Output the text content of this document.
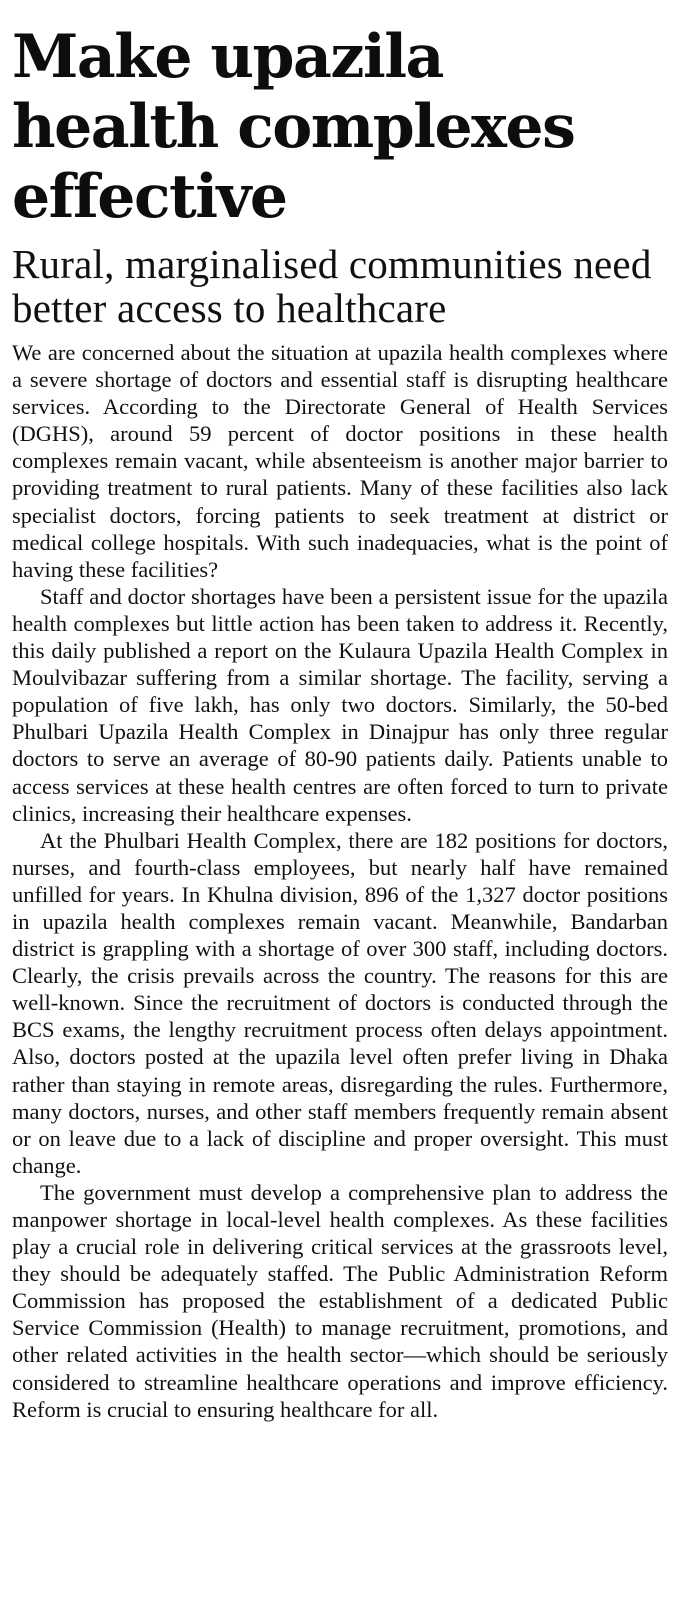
Make upazila health complexes effective
Rural, marginalised communities need better access to healthcare

We are concerned about the situation at upazila health complexes where a severe shortage of doctors and essential staff is disrupting healthcare services. According to the Directorate General of Health Services (DGHS), around 59 percent of doctor positions in these health complexes remain vacant, while absenteeism is another major barrier to providing treatment to rural patients. Many of these facilities also lack specialist doctors, forcing patients to seek treatment at district or medical college hospitals. With such inadequacies, what is the point of having these facilities?

Staff and doctor shortages have been a persistent issue for the upazila health complexes but little action has been taken to address it. Recently, this daily published a report on the Kulaura Upazila Health Complex in Moulvibazar suffering from a similar shortage. The facility, serving a population of five lakh, has only two doctors. Similarly, the 50-bed Phulbari Upazila Health Complex in Dinajpur has only three regular doctors to serve an average of 80-90 patients daily. Patients unable to access services at these health centres are often forced to turn to private clinics, increasing their healthcare expenses.

At the Phulbari Health Complex, there are 182 positions for doctors, nurses, and fourth-class employees, but nearly half have remained unfilled for years. In Khulna division, 896 of the 1,327 doctor positions in upazila health complexes remain vacant. Meanwhile, Bandarban district is grappling with a shortage of over 300 staff, including doctors. Clearly, the crisis prevails across the country. The reasons for this are well-known. Since the recruitment of doctors is conducted through the BCS exams, the lengthy recruitment process often delays appointment. Also, doctors posted at the upazila level often prefer living in Dhaka rather than staying in remote areas, disregarding the rules. Furthermore, many doctors, nurses, and other staff members frequently remain absent or on leave due to a lack of discipline and proper oversight. This must change.

The government must develop a comprehensive plan to address the manpower shortage in local-level health complexes. As these facilities play a crucial role in delivering critical services at the grassroots level, they should be adequately staffed. The Public Administration Reform Commission has proposed the establishment of a dedicated Public Service Commission (Health) to manage recruitment, promotions, and other related activities in the health sector—which should be seriously considered to streamline healthcare operations and improve efficiency. Reform is crucial to ensuring healthcare for all.
